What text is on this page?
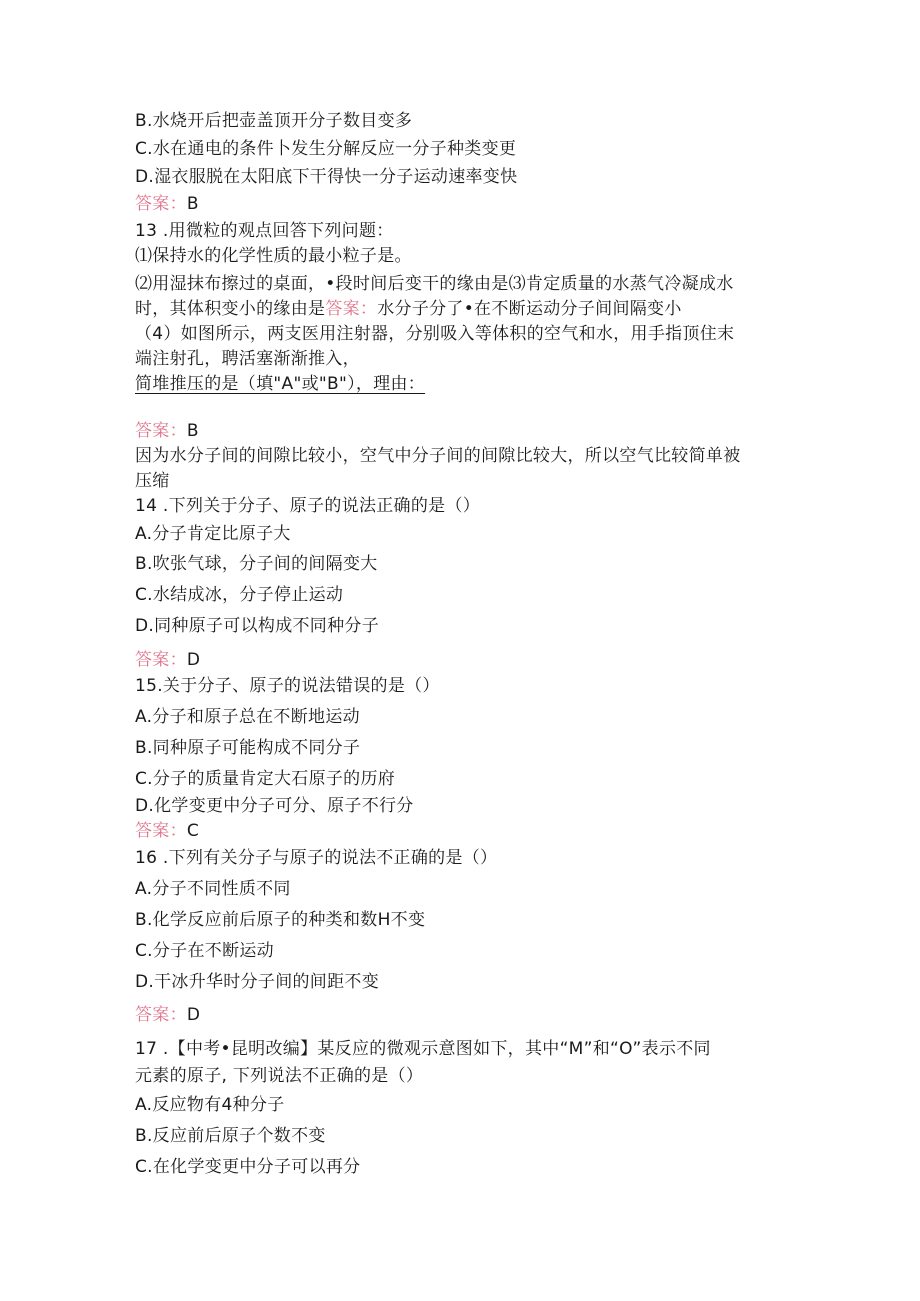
B.水烧开后把壶盖顶开分子数目变多
C.水在通电的条件卜发生分解反应一分子种类变更
D.湿衣服脱在太阳底下干得快一分子运动速率变快
答案：B
13 .用微粒的观点回答下列问题：
⑴保持水的化学性质的最小粒子是。
⑵用湿抹布擦过的桌面，•段时间后变干的缘由是⑶肯定质量的水蒸气冷凝成水
时，其体积变小的缘由是答案：水分子分了•在不断运动分子间间隔变小
（4）如图所示，两支医用注射器，分别吸入等体积的空气和水，用手指顶住末
端注射孔，聘活塞渐渐推入，
简堆推压的是（填"A"或"B"），理由：
答案：B
因为水分子间的间隙比较小，空气中分子间的间隙比较大，所以空气比较简单被
压缩
14 .下列关于分子、原子的说法正确的是（）
A.分子肯定比原子大
B.吹张气球，分子间的间隔变大
C.水结成冰，分子停止运动
D.同种原子可以构成不同种分子
答案：D
15.关于分子、原子的说法错误的是（）
A.分子和原子总在不断地运动
B.同种原子可能构成不同分子
C.分子的质量肯定大石原子的历府
D.化学变更中分子可分、原子不行分
答案：C
16 .下列有关分子与原子的说法不正确的是（）
A.分子不同性质不同
B.化学反应前后原子的种类和数H不变
C.分子在不断运动
D.干冰升华时分子间的间距不变
答案：D
17 .【中考•昆明改编】某反应的微观示意图如下，其中“M”和“O”表示不同
元素的原子, 下列说法不正确的是（）
A.反应物有4种分子
B.反应前后原子个数不变
C.在化学变更中分子可以再分
